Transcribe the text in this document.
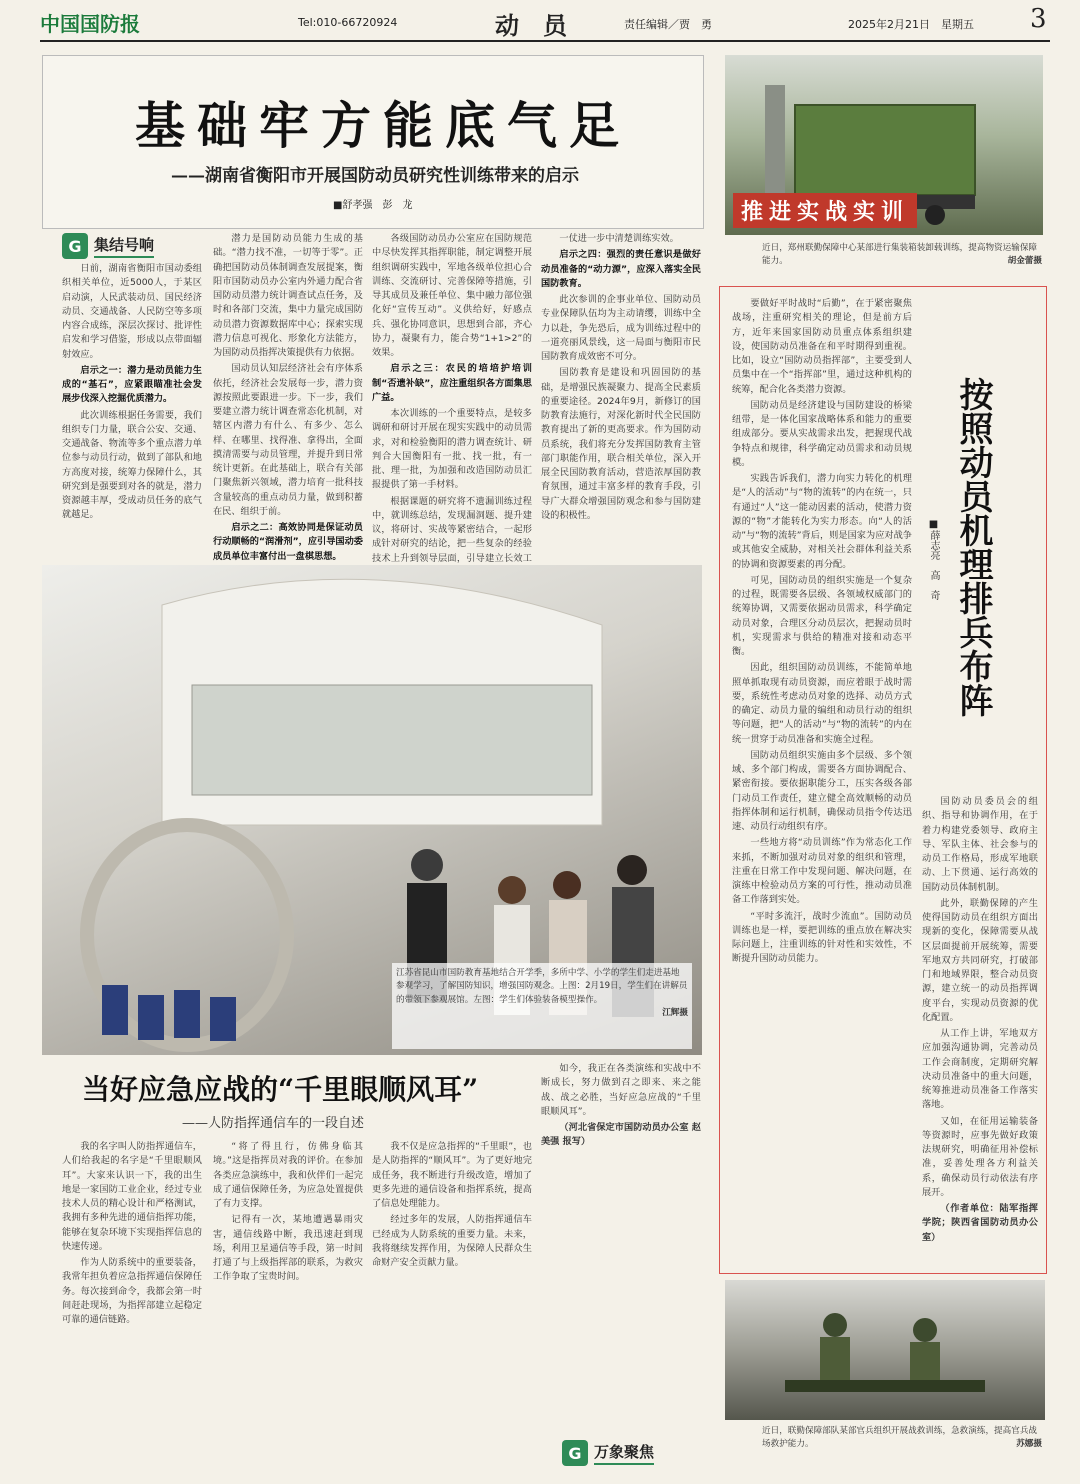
中国国防报	Tel:010-66720924	动　员	责任编辑／贾　勇	2025年2月21日　星期五 3
基础牢方能底气足
——湖南省衡阳市开展国防动员研究性训练带来的启示
■舒孝强　彭　龙
G 集结号响

日前，湖南省衡阳市国动委组织相关单位，近5000人，于某区启动演，人民武装动员、国民经济动员、交通战备、人民防空等多项内容合成练，深层次探讨、批评性启发和学习借鉴，形成以点带面辐射效应。

启示之一：潜力是动员能力生成的“基石”，应紧跟瞄准社会发展步伐深入挖掘优质潜力。

此次训练根据任务需要，我们组织专门力量，联合公安、交通、交通战备、物流等多个重点潜力单位参与动员行动，做到了部队和地方高度对接，统筹力保障什么，其研究到是强要到对各的就是，潜力资源越丰厚，受成动员任务的底气就越足。

潜力是国防动员能力生成的基础。“潜力找不准，一切等于零”。正确把国防动员体制调查发展提案，衡阳市国防动员办公室内外通力配合省国防动员潜力统计调查试点任务，及时和各部门交流，集中力量完成国防动员潜力资源数据库中心；探索实现潜力信息可视化、形象化方法能方，为国防动员指挥决策提供有力依据。

国动员认知层经济社会有序体系依托，经济社会发展每一步，潜力资源按照此要跟进一步。下一步，我们要建立潜力统计调查常态化机制，对辖区内潜力有什么、有多少、怎么样、在哪里、找得准、拿得出，全面摸清需要与动员管理，并提升到日常统计更新。在此基础上，联合有关部门聚焦新兴领域，潜力培育一批科技含量较高的重点动员力量，做到积蓄在民、组织于前。

启示之二：高效协同是保证动员行动顺畅的“润滑剂”，应引导国动委成员单位丰富付出一盘棋思想。

各级国防动员办公室应在国防规范中尽快发挥其指挥职能，制定调整开展组织调研实践中，军地各级单位担心合训练、交流研讨、完善保障等措施，引导其成员及兼任单位、集中融力部位强化好“宣传互动”。义供给好，好感点兵、强化协同意识，思想到合部，齐心协力，凝聚有力，能合势“1+1>2”的效果。

启示之三：农民的培培护培训制“否遗补缺”，应注重组织各方面集思广益。

本次训练的一个重要特点，是较多调研和研讨开展在现实实践中的动员需求，对和检验衡阳的潜力调查统计、研判合大国衡阳有一批、找一批，有一批、理一批，为加强和改造国防动员汇报提供了第一手材料。

根据课题的研究将不遗漏训练过程中，就训练总结，发现漏洞题、提升建议，将研讨、实战等紧密结合，一起形成针对研究的结论，把一些复杂的经验技术上升到领导层面，引导建立长效工

一仗进一步中清楚训练实效。

启示之四：强烈的责任意识是做好动员准备的“动力源”，应深入落实全民国防教育。

此次参训的企事业单位、国防动员专业保障队伍均为主动请缨，训练中全力以赴，争先恐后，成为训练过程中的一道亮丽风景线，这一局面与衡阳市民国防教育成效密不可分。

国防教育是建设和巩固国防的基础，是增强民族凝聚力、提高全民素质的重要途径。2024年9月，新修订的国防教育法施行，对深化新时代全民国防教育提出了新的更高要求。作为国防动员系统，我们将充分发挥国防教育主管部门职能作用，联合相关单位，深入开展全民国防教育活动，营造浓厚国防教育氛围，通过丰富多样的教育手段，引导广大群众增强国防观念和参与国防建设的积极性。

推进实战实训
近日，郑州联勤保障中心某部进行集装箱装卸载训练，提高物资运输保障能力。	胡金蕾摄
按照动员机理排兵布阵
■薛志亮　高　奇

要做好平时战时“后勤”，在于紧密聚焦战场，注重研究相关的理论，但是前方后方，近年来国家国防动员重点体系组织建设，使国防动员准备在和平时期得到重视。比如，设立“国防动员指挥部”，主要受到人员集中在一个“指挥部”里，通过这种机构的统筹，配合化各类潜力资源。

国防动员是经济建设与国防建设的桥梁纽带，是一体化国家战略体系和能力的重要组成部分。要从实战需求出发，把握现代战争特点和规律，科学确定动员需求和动员规模。

实践告诉我们，潜力向实力转化的机理是“人的活动”与“物的流转”的内在统一，只有通过“人”这一能动因素的活动，使潜力资源的“物”才能转化为实力形态。向“人的活动”与“物的流转”背后，则是国家为应对战争或其他安全威胁，对相关社会群体利益关系的协调和资源要素的再分配。

可见，国防动员的组织实施是一个复杂的过程，既需要各层级、各领域权威部门的统筹协调，又需要依据动员需求，科学确定动员对象，合理区分动员层次，把握动员时机，实现需求与供给的精准对接和动态平衡。

因此，组织国防动员训练，不能简单地照单抓取现有动员资源，而应着眼于战时需要，系统性考虑动员对象的选择、动员方式的确定、动员力量的编组和动员行动的组织等问题，把“人的活动”与“物的流转”的内在统一贯穿于动员准备和实施全过程。

国防动员组织实施由多个层级、多个领域、多个部门构成，需要各方面协调配合、紧密衔接。要依据职能分工，压实各级各部门动员工作责任，建立健全高效顺畅的动员指挥体制和运行机制，确保动员指令传达迅速、动员行动组织有序。

一些地方将“动员训练”作为常态化工作来抓，不断加强对动员对象的组织和管理，注重在日常工作中发现问题、解决问题，在演练中检验动员方案的可行性，推动动员准备工作落到实处。

“平时多流汗，战时少流血”。国防动员训练也是一样，要把训练的重点放在解决实际问题上，注重训练的针对性和实效性，不断提升国防动员能力。

国防动员委员会的组织、指导和协调作用，在于着力构建党委领导、政府主导、军队主体、社会参与的动员工作格局，形成军地联动、上下贯通、运行高效的国防动员体制机制。

此外，联勤保障的产生使得国防动员在组织方面出现新的变化，保障需要从战区层面提前开展统筹，需要军地双方共同研究，打破部门和地域界限，整合动员资源，建立统一的动员指挥调度平台，实现动员资源的优化配置。

从工作上讲，军地双方应加强沟通协调，完善动员工作会商制度，定期研究解决动员准备中的重大问题，统筹推进动员准备工作落实落地。

又如，在征用运输装备等资源时，应事先做好政策法规研究，明确征用补偿标准，妥善处理各方利益关系，确保动员行动依法有序展开。

（作者单位：陆军指挥学院；陕西省国防动员办公室）

江苏省昆山市国防教育基地结合开学季，多所中学、小学的学生们走进基地参观学习，了解国防知识，增强国防观念。上图：2月19日，学生们在讲解员的带领下参观展馆。左图：学生们体验装备模型操作。
江辉摄
当好应急应战的“千里眼顺风耳”
——人防指挥通信车的一段自述

我的名字叫人防指挥通信车，人们给我起的名字是“千里眼顺风耳”。大家来认识一下，我的出生地是一家国防工业企业，经过专业技术人员的精心设计和严格测试，我拥有多种先进的通信指挥功能，能够在复杂环境下实现指挥信息的快速传递。

作为人防系统中的重要装备，我常年担负着应急指挥通信保障任务。每次接到命令，我都会第一时间赶赴现场，为指挥部建立起稳定可靠的通信链路。

“将了得且行，仿佛身临其境。”这是指挥员对我的评价。在参加各类应急演练中，我和伙伴们一起完成了通信保障任务，为应急处置提供了有力支撑。

记得有一次，某地遭遇暴雨灾害，通信线路中断，我迅速赶到现场，利用卫星通信等手段，第一时间打通了与上级指挥部的联系，为救灾工作争取了宝贵时间。

我不仅是应急指挥的“千里眼”，也是人防指挥的“顺风耳”。为了更好地完成任务，我不断进行升级改造，增加了更多先进的通信设备和指挥系统，提高了信息处理能力。

经过多年的发展，人防指挥通信车已经成为人防系统的重要力量。未来，我将继续发挥作用，为保障人民群众生命财产安全贡献力量。

如今，我正在各类演练和实战中不断成长，努力做到召之即来、来之能战、战之必胜，当好应急应战的“千里眼顺风耳”。

（河北省保定市国防动员办公室 赵美强 报写）

G 万象聚焦
近日，联勤保障部队某部官兵组织开展战救训练，急救演练，提高官兵战场救护能力。	苏娜摄
